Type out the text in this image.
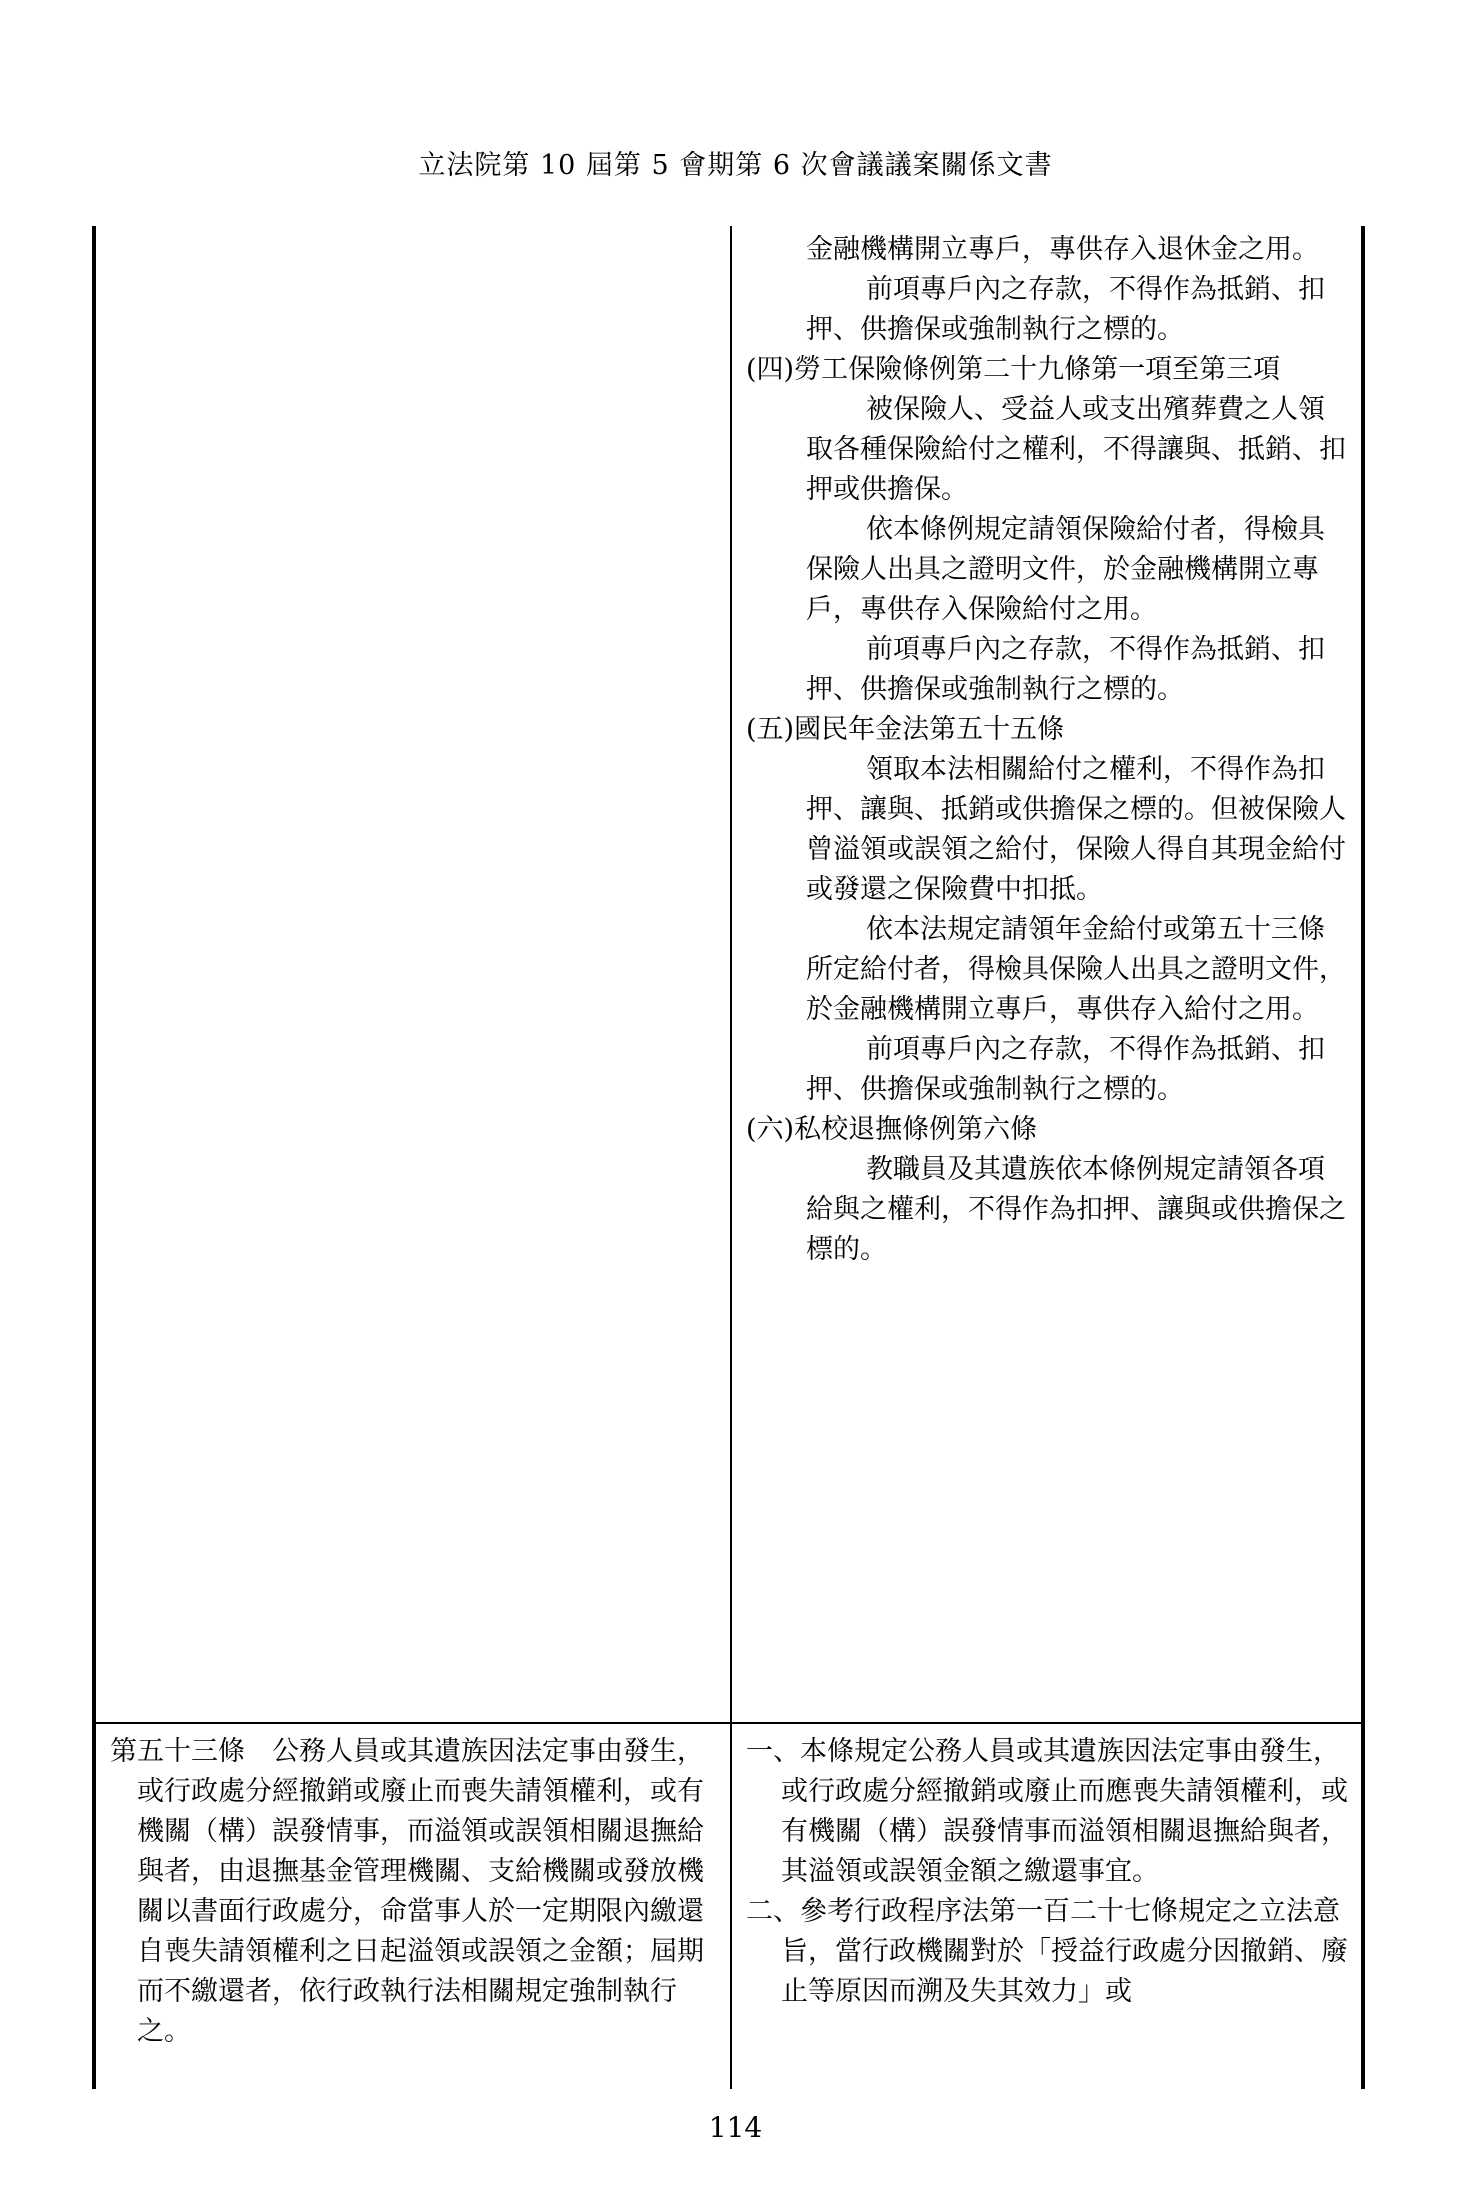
立法院第 10 屆第 5 會期第 6 次會議議案關係文書

金融機構開立專戶，專供存入退休金之用。

前項專戶內之存款，不得作為抵銷、扣押、供擔保或強制執行之標的。

(四)勞工保險條例第二十九條第一項至第三項

被保險人、受益人或支出殯葬費之人領取各種保險給付之權利，不得讓與、抵銷、扣押或供擔保。

依本條例規定請領保險給付者，得檢具保險人出具之證明文件，於金融機構開立專戶，專供存入保險給付之用。

前項專戶內之存款，不得作為抵銷、扣押、供擔保或強制執行之標的。

(五)國民年金法第五十五條

領取本法相關給付之權利，不得作為扣押、讓與、抵銷或供擔保之標的。但被保險人曾溢領或誤領之給付，保險人得自其現金給付或發還之保險費中扣抵。

依本法規定請領年金給付或第五十三條所定給付者，得檢具保險人出具之證明文件，於金融機構開立專戶，專供存入給付之用。

前項專戶內之存款，不得作為抵銷、扣押、供擔保或強制執行之標的。

(六)私校退撫條例第六條

教職員及其遺族依本條例規定請領各項給與之權利，不得作為扣押、讓與或供擔保之標的。

第五十三條　公務人員或其遺族因法定事由發生，或行政處分經撤銷或廢止而喪失請領權利，或有機關（構）誤發情事，而溢領或誤領相關退撫給與者，由退撫基金管理機關、支給機關或發放機關以書面行政處分，命當事人於一定期限內繳還自喪失請領權利之日起溢領或誤領之金額；屆期而不繳還者，依行政執行法相關規定強制執行之。

一、本條規定公務人員或其遺族因法定事由發生，或行政處分經撤銷或廢止而應喪失請領權利，或有機關（構）誤發情事而溢領相關退撫給與者，其溢領或誤領金額之繳還事宜。

二、參考行政程序法第一百二十七條規定之立法意旨，當行政機關對於「授益行政處分因撤銷、廢止等原因而溯及失其效力」或

114
